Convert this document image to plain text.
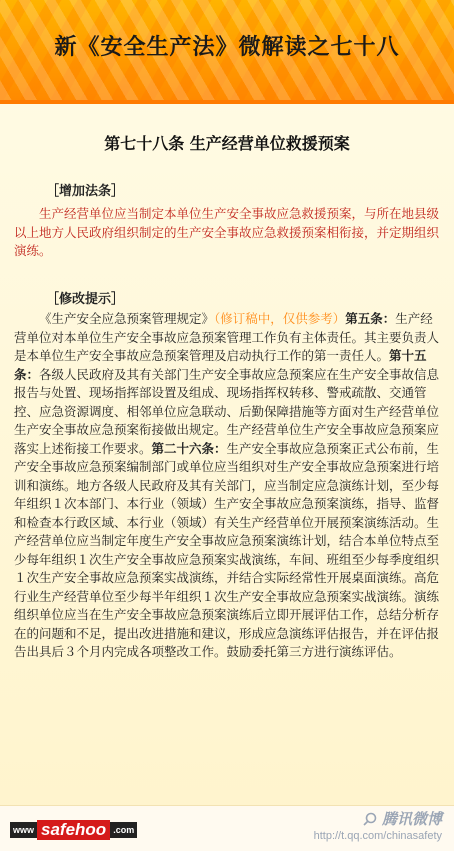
新《安全生产法》微解读之七十八
第七十八条 生产经营单位救援预案
［增加法条］
生产经营单位应当制定本单位生产安全事故应急救援预案，与所在地县级以上地方人民政府组织制定的生产安全事故应急救援预案相衔接，并定期组织演练。
［修改提示］
《生产安全应急预案管理规定》（修订稿中，仅供参考）第五条：生产经营单位对本单位生产安全事故应急预案管理工作负有主体责任。其主要负责人是本单位生产安全事故应急预案管理及启动执行工作的第一责任人。第十五条：各级人民政府及其有关部门生产安全事故应急预案应在生产安全事故信息报告与处置、现场指挥部设置及组成、现场指挥权转移、警戒疏散、交通管控、应急资源调度、相邻单位应急联动、后勤保障措施等方面对生产经营单位生产安全事故应急预案衔接做出规定。生产经营单位生产安全事故应急预案应落实上述衔接工作要求。第二十六条：生产安全事故应急预案正式公布前，生产安全事故应急预案编制部门或单位应当组织对生产安全事故应急预案进行培训和演练。地方各级人民政府及其有关部门，应当制定应急演练计划，至少每年组织１次本部门、本行业（领域）生产安全事故应急预案演练，指导、监督和检查本行政区域、本行业（领域）有关生产经营单位开展预案演练活动。生产经营单位应当制定年度生产安全事故应急预案演练计划，结合本单位特点至少每年组织１次生产安全事故应急预案实战演练，车间、班组至少每季度组织１次生产安全事故应急预案实战演练，并结合实际经常性开展桌面演练。高危行业生产经营单位至少每半年组织１次生产安全事故应急预案实战演练。演练组织单位应当在生产安全事故应急预案演练后立即开展评估工作，总结分析存在的问题和不足，提出改进措施和建议，形成应急演练评估报告，并在评估报告出具后３个月内完成各项整改工作。鼓励委托第三方进行演练评估。
www safehoo .com
腾讯微博
http://t.qq.com/chinasafety
